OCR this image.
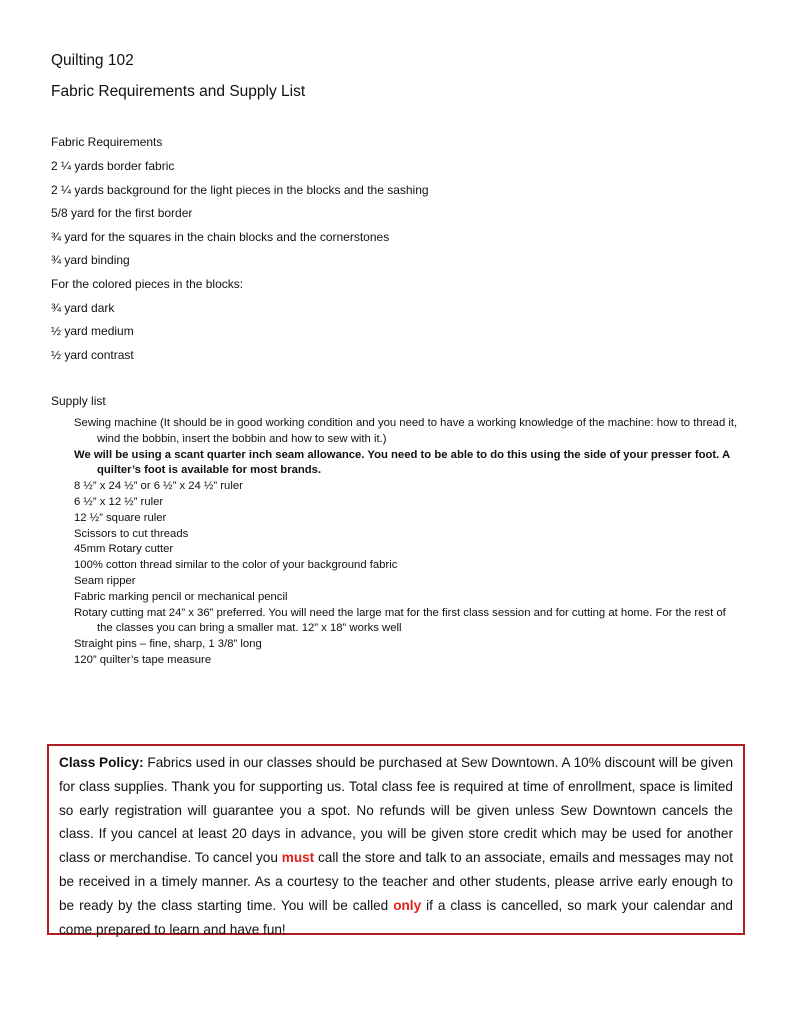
Quilting 102
Fabric Requirements and Supply List
Fabric Requirements
2 ¼ yards border fabric
2 ¼ yards background for the light pieces in the blocks and the sashing
5/8 yard for the first border
¾ yard for the squares in the chain blocks and the cornerstones
¾ yard binding
For the colored pieces in the blocks:
¾ yard dark
½ yard medium
½ yard contrast
Supply list
Sewing machine (It should be in good working condition and you need to have a working knowledge of the machine: how to thread it, wind the bobbin, insert the bobbin and how to sew with it.)
We will be using a scant quarter inch seam allowance. You need to be able to do this using the side of your presser foot. A quilter’s foot is available for most brands.
8 ½” x 24 ½” or 6 ½” x 24 ½” ruler
6 ½” x 12 ½” ruler
12 ½” square ruler
Scissors to cut threads
45mm Rotary cutter
100% cotton thread similar to the color of your background fabric
Seam ripper
Fabric marking pencil or mechanical pencil
Rotary cutting mat 24” x 36” preferred. You will need the large mat for the first class session and for cutting at home. For the rest of the classes you can bring a smaller mat. 12” x 18” works well
Straight pins – fine, sharp, 1 3/8” long
120” quilter’s tape measure

Class Policy: Fabrics used in our classes should be purchased at Sew Downtown. A 10% discount will be given for class supplies. Thank you for supporting us. Total class fee is required at time of enrollment, space is limited so early registration will guarantee you a spot. No refunds will be given unless Sew Downtown cancels the class. If you cancel at least 20 days in advance, you will be given store credit which may be used for another class or merchandise. To cancel you must call the store and talk to an associate, emails and messages may not be received in a timely manner. As a courtesy to the teacher and other students, please arrive early enough to be ready by the class starting time. You will be called only if a class is cancelled, so mark your calendar and come prepared to learn and have fun!
